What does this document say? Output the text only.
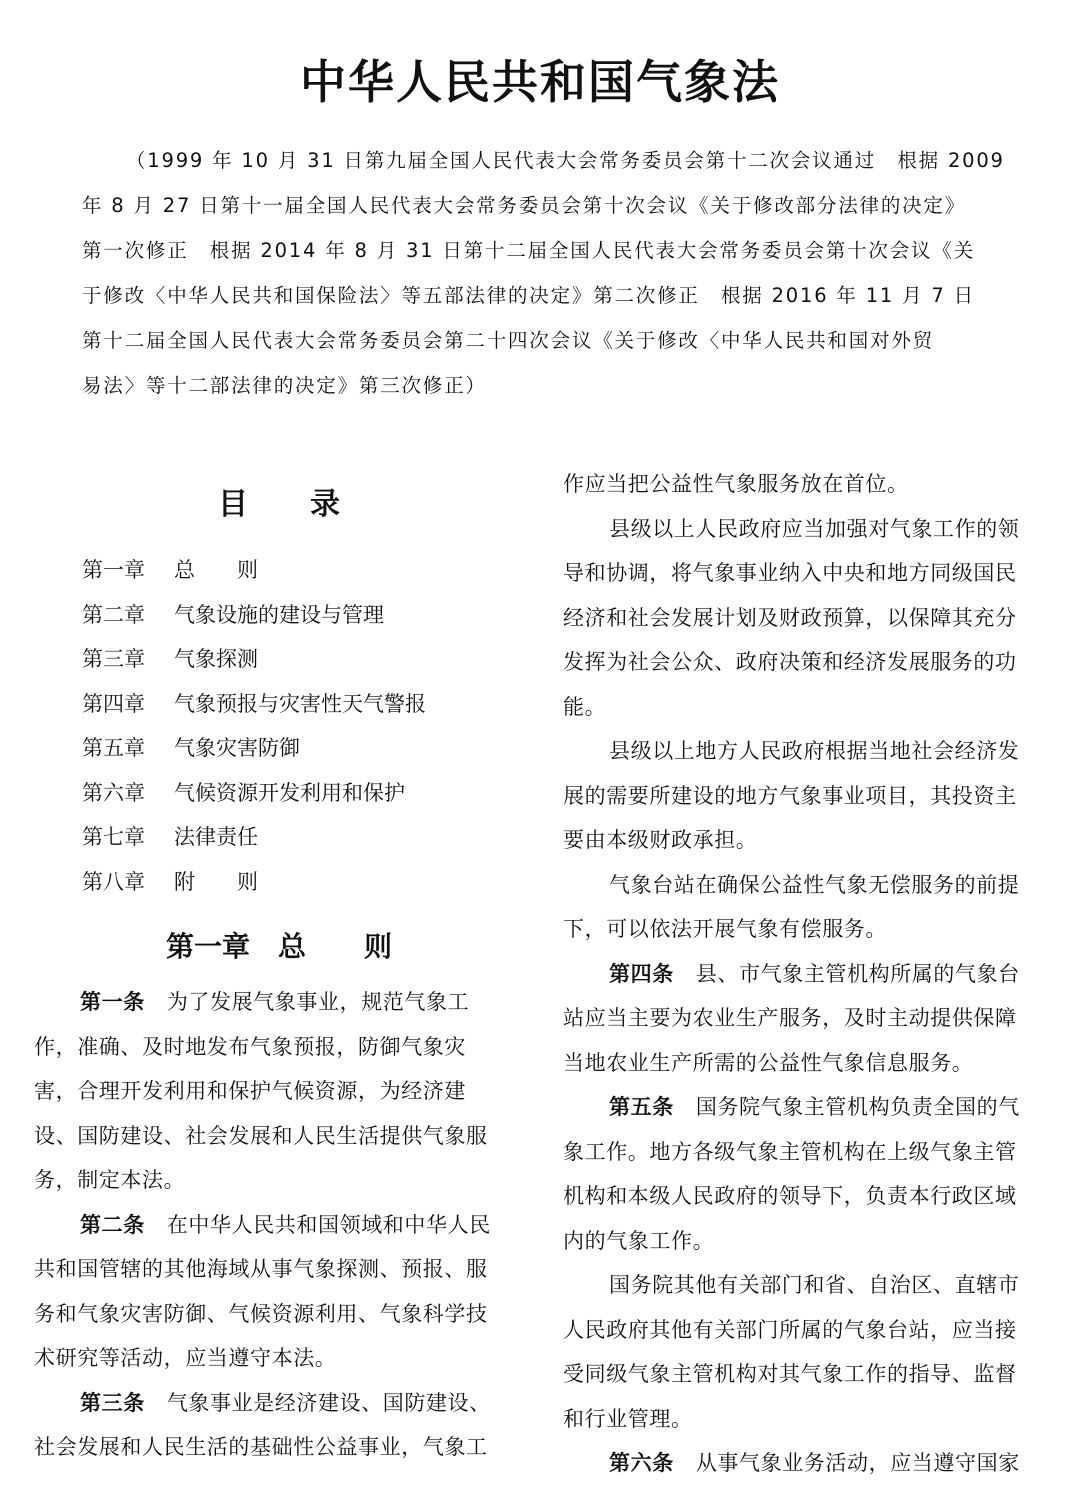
中华人民共和国气象法
（1999 年 10 月 31 日第九届全国人民代表大会常务委员会第十二次会议通过　根据 2009
年 8 月 27 日第十一届全国人民代表大会常务委员会第十次会议《关于修改部分法律的决定》
第一次修正　根据 2014 年 8 月 31 日第十二届全国人民代表大会常务委员会第十次会议《关
于修改〈中华人民共和国保险法〉等五部法律的决定》第二次修正　根据 2016 年 11 月 7 日
第十二届全国人民代表大会常务委员会第二十四次会议《关于修改〈中华人民共和国对外贸
易法〉等十二部法律的决定》第三次修正）
目 录
第一章 总　　则
第二章 气象设施的建设与管理
第三章 气象探测
第四章 气象预报与灾害性天气警报
第五章 气象灾害防御
第六章 气候资源开发利用和保护
第七章 法律责任
第八章 附　　则
第一章 总 则
第一条 为了发展气象事业，规范气象工
作，准确、及时地发布气象预报，防御气象灾
害，合理开发利用和保护气候资源，为经济建
设、国防建设、社会发展和人民生活提供气象服
务，制定本法。
第二条 在中华人民共和国领域和中华人民
共和国管辖的其他海域从事气象探测、预报、服
务和气象灾害防御、气候资源利用、气象科学技
术研究等活动，应当遵守本法。
第三条 气象事业是经济建设、国防建设、
社会发展和人民生活的基础性公益事业，气象工
作应当把公益性气象服务放在首位。
县级以上人民政府应当加强对气象工作的领
导和协调，将气象事业纳入中央和地方同级国民
经济和社会发展计划及财政预算，以保障其充分
发挥为社会公众、政府决策和经济发展服务的功
能。
县级以上地方人民政府根据当地社会经济发
展的需要所建设的地方气象事业项目，其投资主
要由本级财政承担。
气象台站在确保公益性气象无偿服务的前提
下，可以依法开展气象有偿服务。
第四条 县、市气象主管机构所属的气象台
站应当主要为农业生产服务，及时主动提供保障
当地农业生产所需的公益性气象信息服务。
第五条 国务院气象主管机构负责全国的气
象工作。地方各级气象主管机构在上级气象主管
机构和本级人民政府的领导下，负责本行政区域
内的气象工作。
国务院其他有关部门和省、自治区、直辖市
人民政府其他有关部门所属的气象台站，应当接
受同级气象主管机构对其气象工作的指导、监督
和行业管理。
第六条 从事气象业务活动，应当遵守国家
